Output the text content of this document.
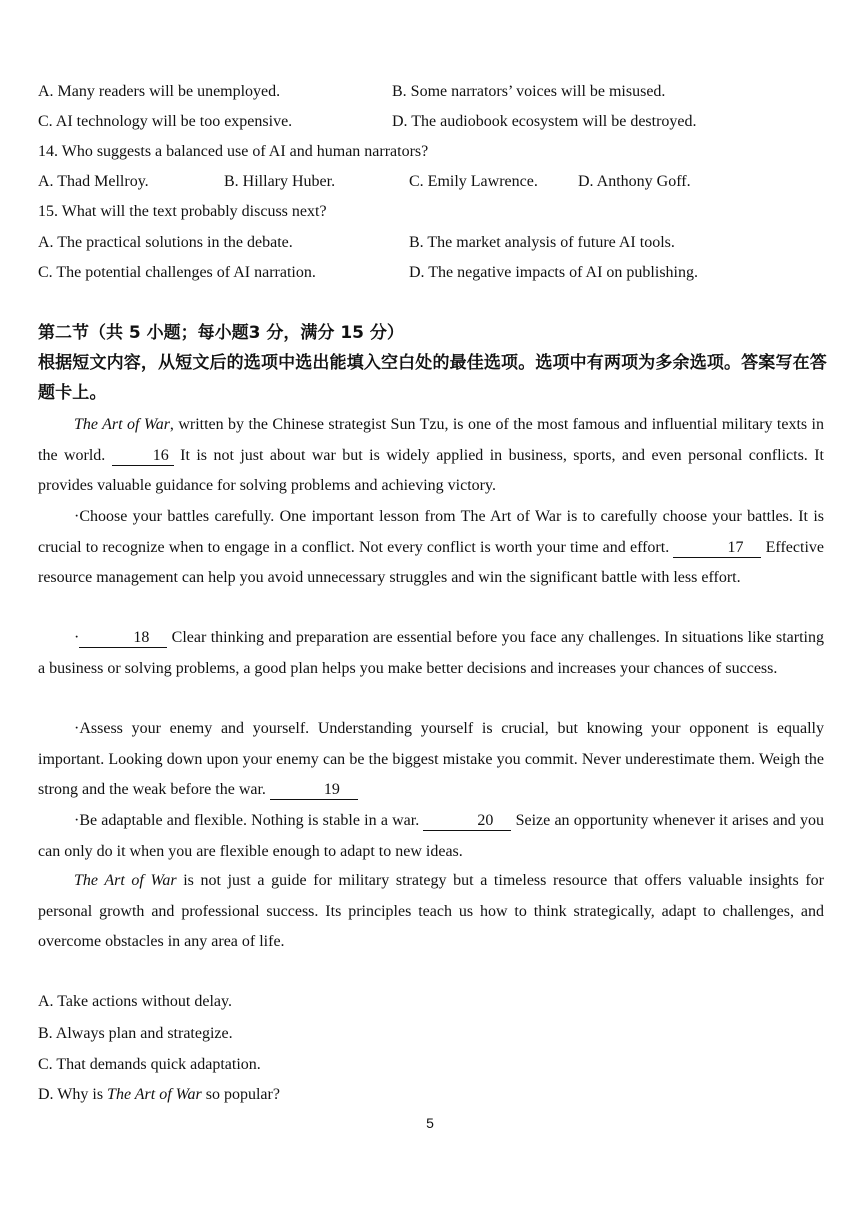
A. Many readers will be unemployed.	B. Some narrators’ voices will be misused.
C. AI technology will be too expensive.	D. The audiobook ecosystem will be destroyed.
14. Who suggests a balanced use of AI and human narrators?
A. Thad Mellroy.	B. Hillary Huber.	C. Emily Lawrence.	D. Anthony Goff.
15. What will the text probably discuss next?
A. The practical solutions in the debate.	B. The market analysis of future AI tools.
C. The potential challenges of AI narration.	D. The negative impacts of AI on publishing.

第二节（共 5 小题；每小题3 分，满分 15 分）

根据短文内容，从短文后的选项中选出能填入空白处的最佳选项。选项中有两项为多余选项。答案写在答题卡上。

The Art of War, written by the Chinese strategist Sun Tzu, is one of the most famous and influential military texts in the world.	16 It is not just about war but is widely applied in business, sports, and even personal conflicts. It provides valuable guidance for solving problems and achieving victory.

·Choose your battles carefully. One important lesson from The Art of War is to carefully choose your battles. It is crucial to recognize when to engage in a conflict. Not every conflict is worth your time and effort.	17 Effective resource management can help you avoid unnecessary struggles and win the significant battle with less effort.

·	18 Clear thinking and preparation are essential before you face any challenges. In situations like starting a business or solving problems, a good plan helps you make better decisions and increases your chances of success.

·Assess your enemy and yourself. Understanding yourself is crucial, but knowing your opponent is equally important. Looking down upon your enemy can be the biggest mistake you commit. Never underestimate them. Weigh the strong and the weak before the war.	19

·Be adaptable and flexible. Nothing is stable in a war.	20 Seize an opportunity whenever it arises and you can only do it when you are flexible enough to adapt to new ideas.

The Art of War is not just a guide for military strategy but a timeless resource that offers valuable insights for personal growth and professional success. Its principles teach us how to think strategically, adapt to challenges, and overcome obstacles in any area of life.

A. Take actions without delay.
B. Always plan and strategize.
C. That demands quick adaptation.
D. Why is The Art of War so popular?
5
